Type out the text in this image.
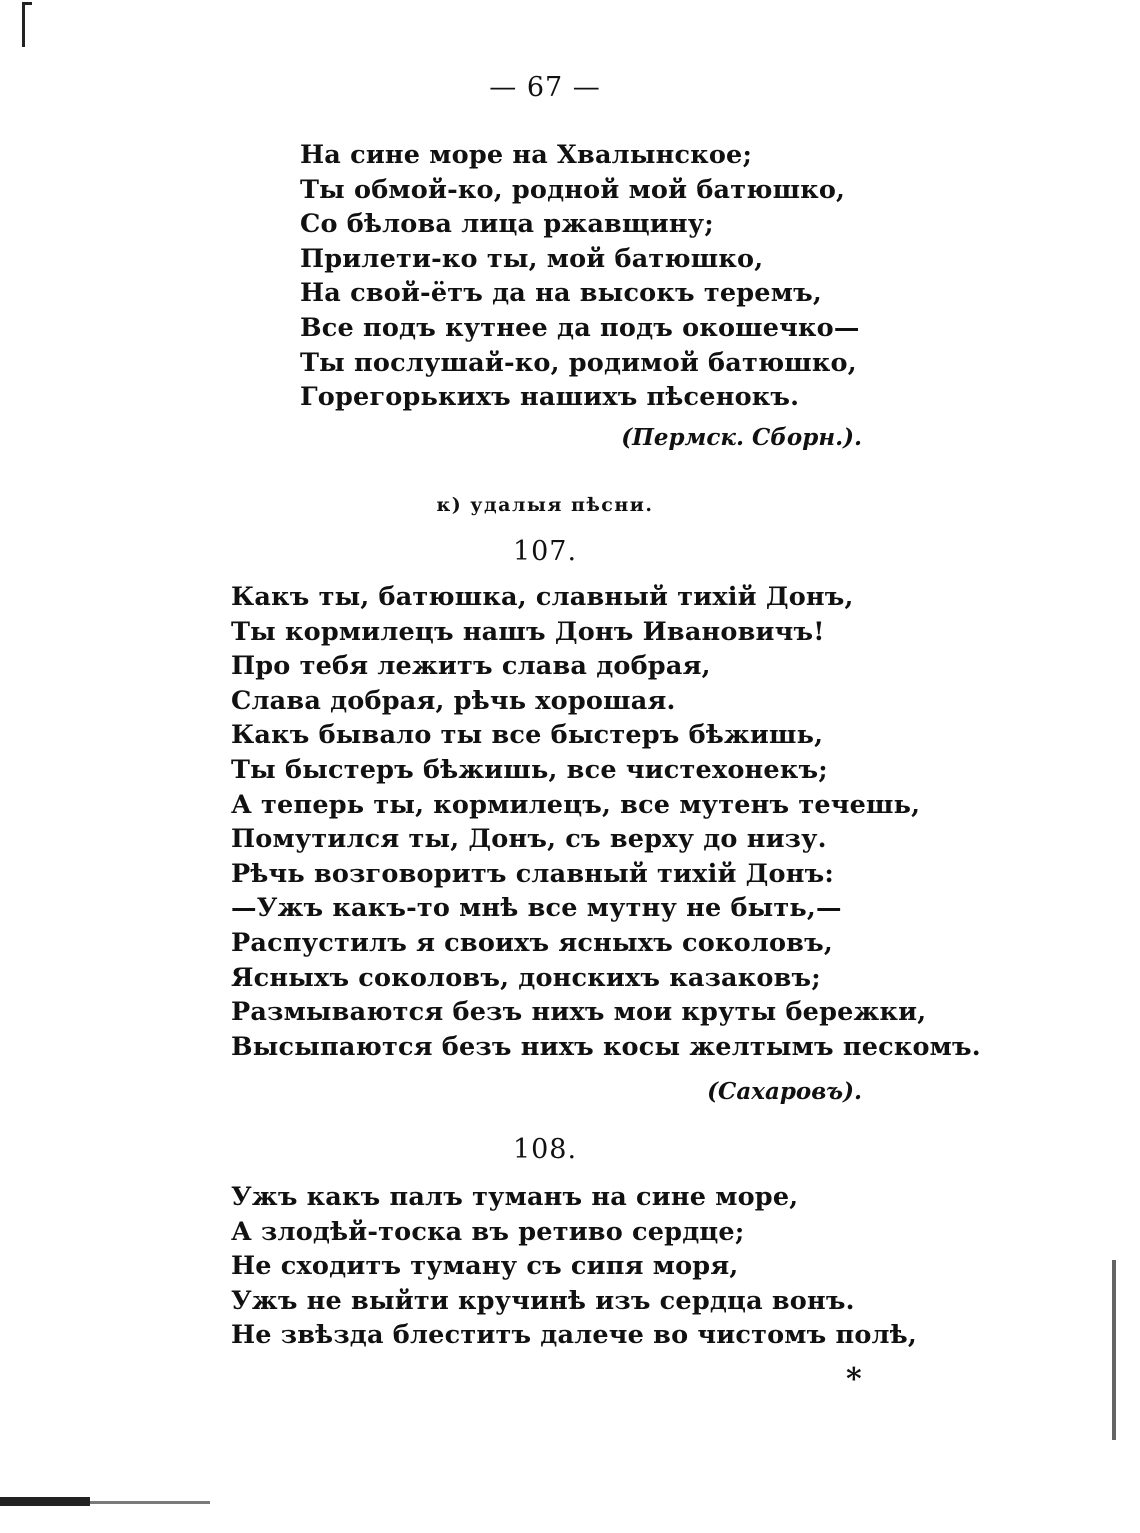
— 67 —
На сине море на Хвалынское;
Ты обмой-ко, родной мой батюшко,
Со бѣлова лица ржавщину;
Прилети-ко ты, мой батюшко,
На свой-ётъ да на высокъ теремъ,
Все подъ кутнее да подъ окошечко—
Ты послушай-ко, родимой батюшко,
Горегорькихъ нашихъ пѣсенокъ.
(Пермск. Сборн.).
к) удалыя пѣсни.
107.
Какъ ты, батюшка, славный тихій Донъ,
Ты кормилецъ нашъ Донъ Ивановичъ!
Про тебя лежитъ слава добрая,
Слава добрая, рѣчь хорошая.
Какъ бывало ты все быстеръ бѣжишь,
Ты быстеръ бѣжишь, все чистехонекъ;
А теперь ты, кормилецъ, все мутенъ течешь,
Помутился ты, Донъ, съ верху до низу.
Рѣчь возговоритъ славный тихій Донъ:
—Ужъ какъ-то мнѣ все мутну не быть,—
Распустилъ я своихъ ясныхъ соколовъ,
Ясныхъ соколовъ, донскихъ казаковъ;
Размываются безъ нихъ мои круты бережки,
Высыпаются безъ нихъ косы желтымъ пескомъ.
(Сахаровъ).
108.
Ужъ какъ палъ туманъ на сине море,
А злодѣй-тоска въ ретиво сердце;
Не сходитъ туману съ сипя моря,
Ужъ не выйти кручинѣ изъ сердца вонъ.
Не звѣзда блеститъ далече во чистомъ полѣ,
*
